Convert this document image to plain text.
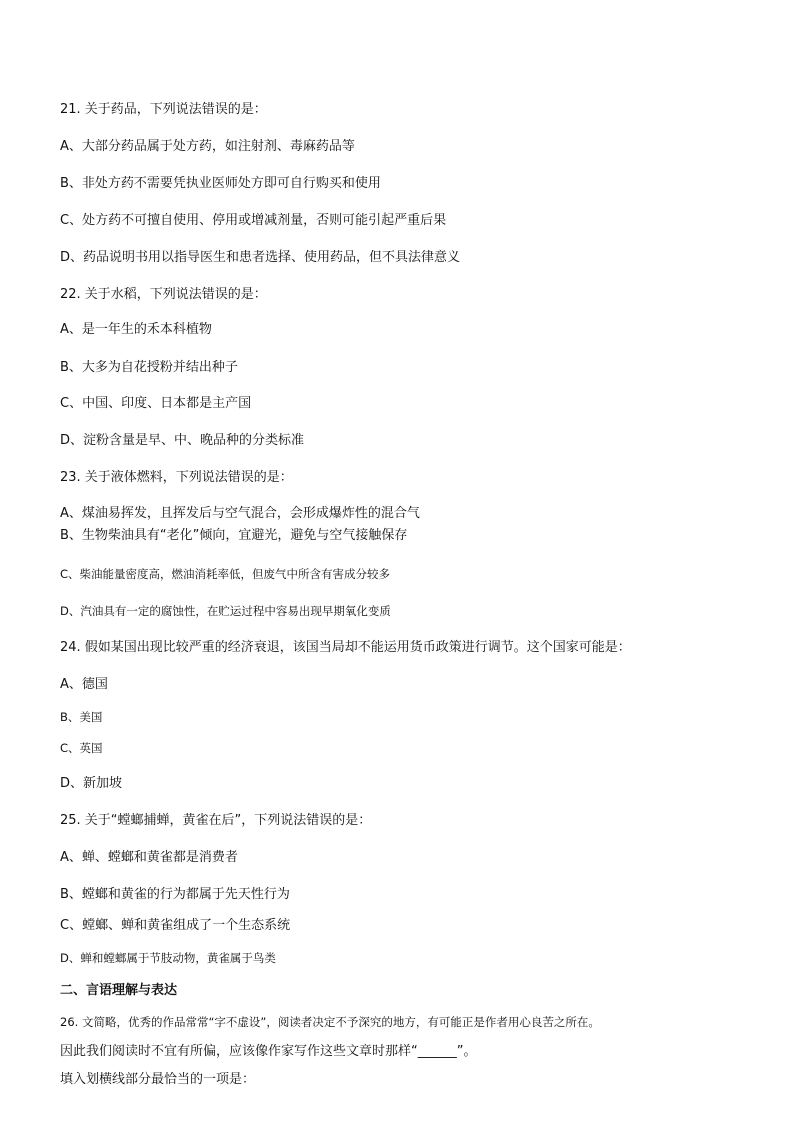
21. 关于药品，下列说法错误的是：
A、大部分药品属于处方药，如注射剂、毒麻药品等
B、非处方药不需要凭执业医师处方即可自行购买和使用
C、处方药不可擅自使用、停用或增减剂量，否则可能引起严重后果
D、药品说明书用以指导医生和患者选择、使用药品，但不具法律意义
22. 关于水稻，下列说法错误的是：
A、是一年生的禾本科植物
B、大多为自花授粉并结出种子
C、中国、印度、日本都是主产国
D、淀粉含量是早、中、晚品种的分类标准
23. 关于液体燃料，下列说法错误的是：
A、煤油易挥发，且挥发后与空气混合，会形成爆炸性的混合气
B、生物柴油具有“老化”倾向，宜避光，避免与空气接触保存
C、柴油能量密度高，燃油消耗率低，但废气中所含有害成分较多
D、汽油具有一定的腐蚀性，在贮运过程中容易出现早期氧化变质
24. 假如某国出现比较严重的经济衰退，该国当局却不能运用货币政策进行调节。这个国家可能是：
A、德国
B、美国
C、英国
D、新加坡
25. 关于“螳螂捕蝉，黄雀在后”，下列说法错误的是：
A、蝉、螳螂和黄雀都是消费者
B、螳螂和黄雀的行为都属于先天性行为
C、螳螂、蝉和黄雀组成了一个生态系统
D、蝉和螳螂属于节肢动物，黄雀属于鸟类
二、言语理解与表达
26. 文简略，优秀的作品常常“字不虚设”，阅读者决定不予深究的地方，有可能正是作者用心良苦之所在。
因此我们阅读时不宜有所偏，应该像作家写作这些文章时那样“______”。
填入划横线部分最恰当的一项是：
